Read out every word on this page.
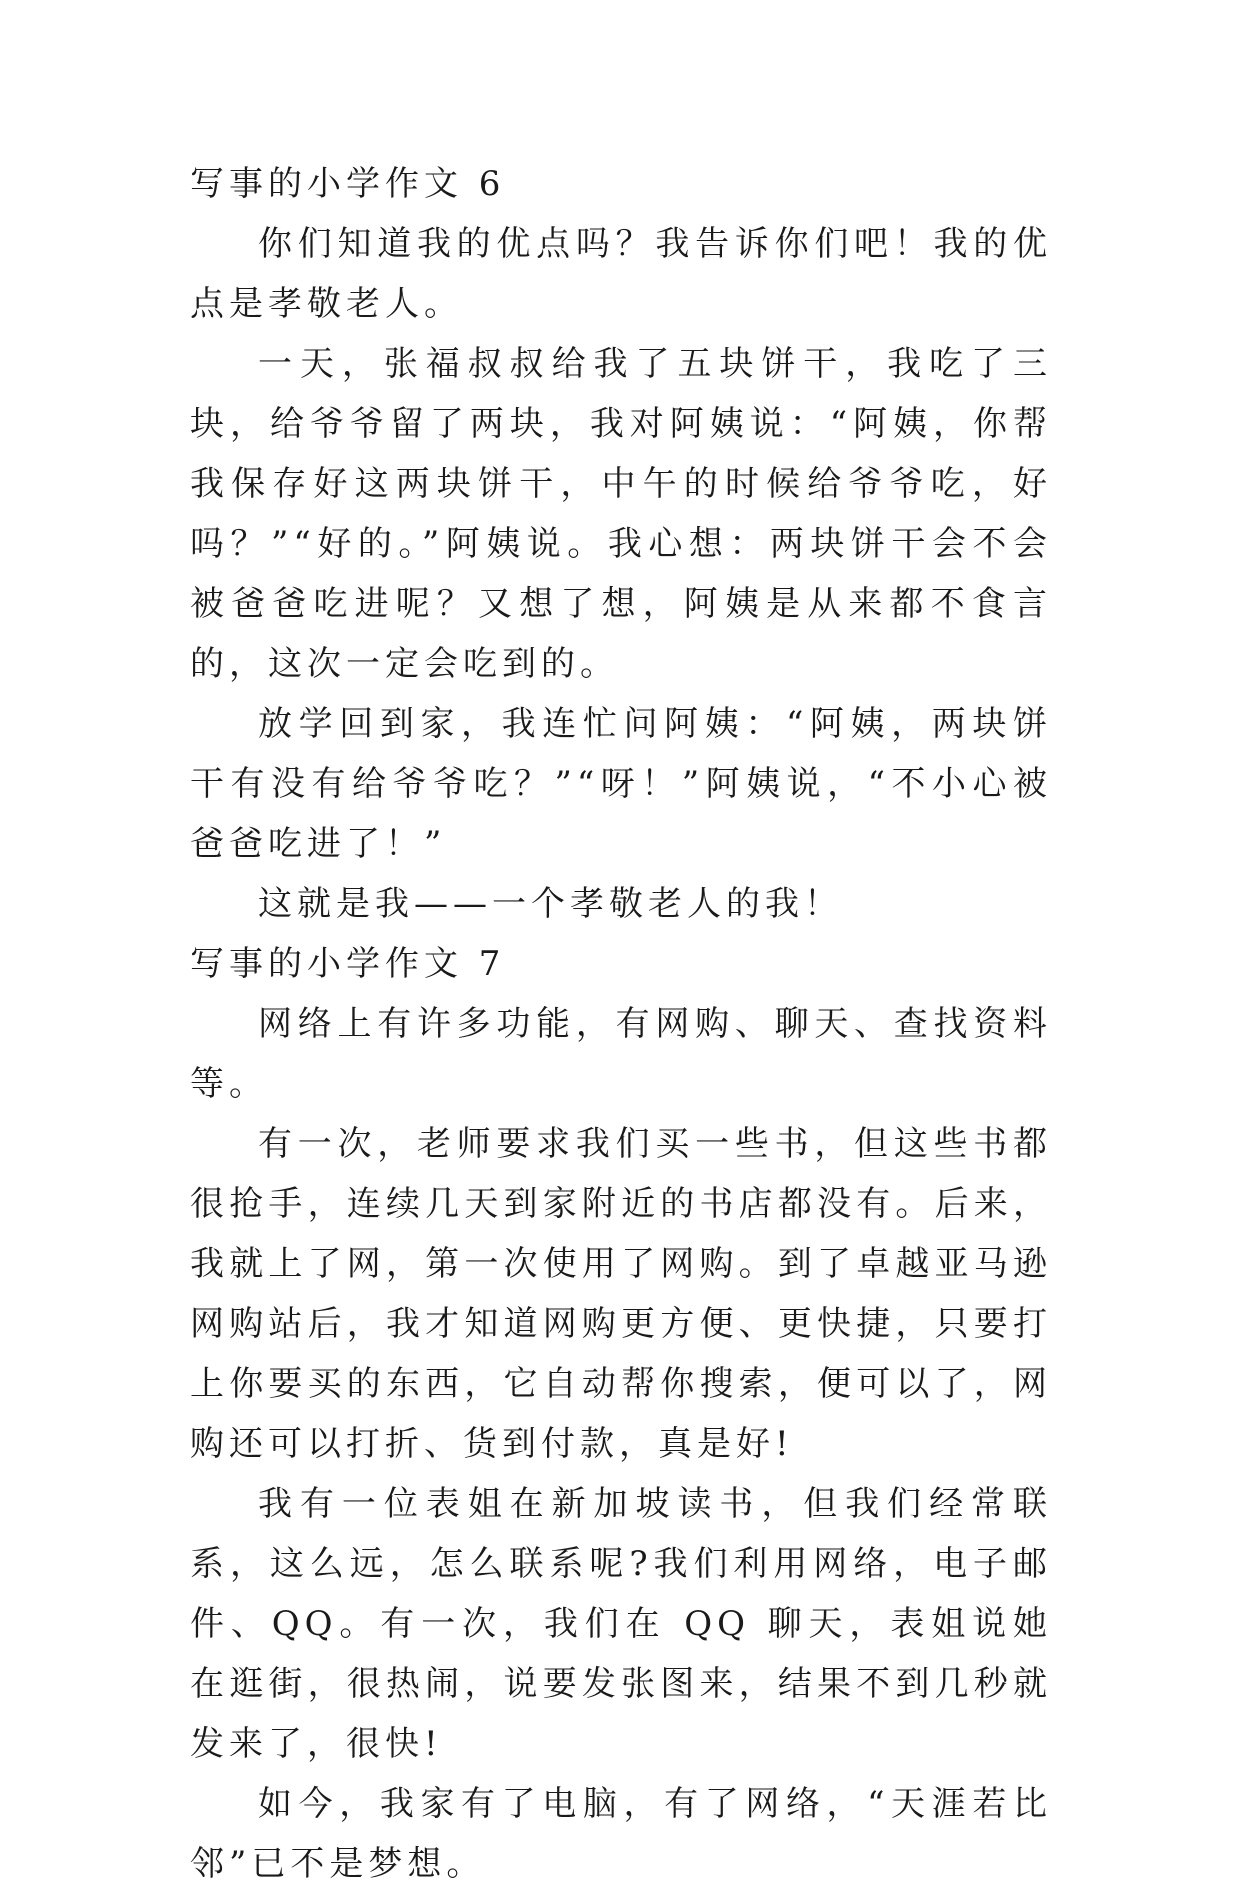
写事的小学作文 6

你们知道我的优点吗？我告诉你们吧！我的优点是孝敬老人。

一天，张福叔叔给我了五块饼干，我吃了三块，给爷爷留了两块，我对阿姨说：“阿姨，你帮我保存好这两块饼干，中午的时候给爷爷吃，好吗？”“好的。”阿姨说。我心想：两块饼干会不会被爸爸吃进呢？又想了想，阿姨是从来都不食言的，这次一定会吃到的。

放学回到家，我连忙问阿姨：“阿姨，两块饼干有没有给爷爷吃？”“呀！”阿姨说，“不小心被爸爸吃进了！”

这就是我——一个孝敬老人的我！

写事的小学作文 7

网络上有许多功能，有网购、聊天、查找资料等。

有一次，老师要求我们买一些书，但这些书都很抢手，连续几天到家附近的书店都没有。后来，我就上了网，第一次使用了网购。到了卓越亚马逊网购站后，我才知道网购更方便、更快捷，只要打上你要买的东西，它自动帮你搜索，便可以了，网购还可以打折、货到付款，真是好!

我有一位表姐在新加坡读书，但我们经常联系，这么远，怎么联系呢?我们利用网络，电子邮件、QQ。有一次，我们在 QQ 聊天，表姐说她在逛街，很热闹，说要发张图来，结果不到几秒就发来了，很快!

如今，我家有了电脑，有了网络，“天涯若比邻”已不是梦想。
